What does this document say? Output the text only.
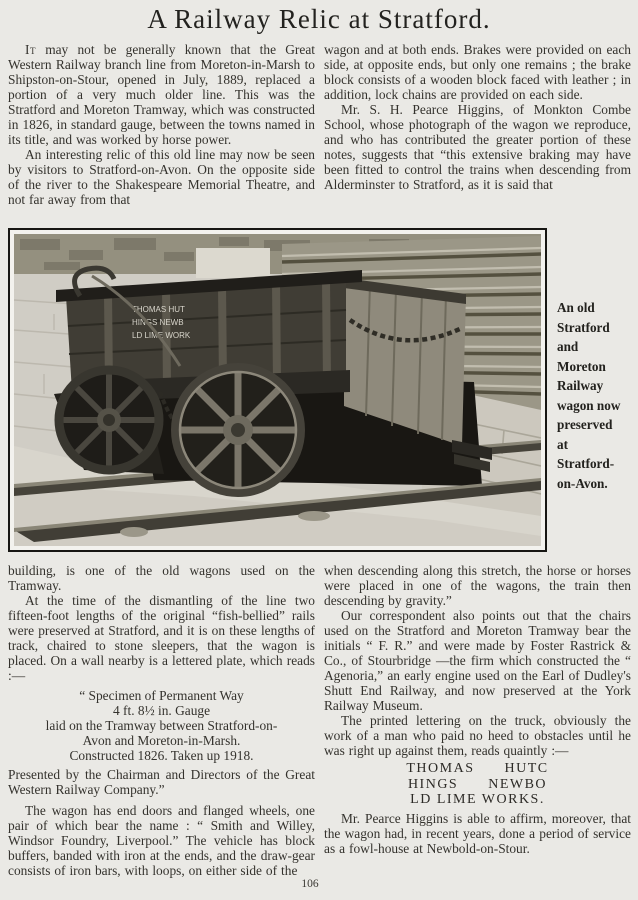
A Railway Relic at Stratford.

It may not be generally known that the Great Western Railway branch line from Moreton-in-Marsh to Shipston-on-Stour, opened in July, 1889, replaced a portion of a very much older line. This was the Stratford and Moreton Tramway, which was constructed in 1826, in standard gauge, between the towns named in its title, and was worked by horse power.

An interesting relic of this old line may now be seen by visitors to Stratford-on-Avon. On the opposite side of the river to the Shakespeare Memorial Theatre, and not far away from that

wagon and at both ends. Brakes were provided on each side, at opposite ends, but only one remains ; the brake block consists of a wooden block faced with leather ; in addition, lock chains are provided on each side.

Mr. S. H. Pearce Higgins, of Monkton Combe School, whose photograph of the wagon we reproduce, and who has contributed the greater portion of these notes, suggests that “this extensive braking may have been fitted to control the trains when descending from Alderminster to Stratford, as it is said that

THOMAS HUT
HINGS NEWB
LD LIME WORK
An old
Stratford
and
Moreton
Railway
wagon now
preserved
at
Stratford-
on-Avon.

building, is one of the old wagons used on the Tramway.

At the time of the dismantling of the line two fifteen-foot lengths of the original “fish-bellied” rails were preserved at Stratford, and it is on these lengths of track, chaired to stone sleepers, that the wagon is placed. On a wall nearby is a lettered plate, which reads :—

“ Specimen of Permanent Way
4 ft. 8½ in. Gauge
laid on the Tramway between Stratford-on-
Avon and Moreton-in-Marsh.
Constructed 1826. Taken up 1918.

Presented by the Chairman and Directors of the Great Western Railway Company.”

The wagon has end doors and flanged wheels, one pair of which bear the name : “ Smith and Willey, Windsor Foundry, Liverpool.” The vehicle has block buffers, banded with iron at the ends, and the draw-gear consists of iron bars, with loops, on either side of the

when descending along this stretch, the horse or horses were placed in one of the wagons, the train then descending by gravity.”

Our correspondent also points out that the chairs used on the Stratford and Moreton Tramway bear the initials “ F. R.” and were made by Foster Rastrick & Co., of Stourbridge —the firm which constructed the “ Agenoria,” an early engine used on the Earl of Dudley's Shutt End Railway, and now preserved at the York Railway Museum.

The printed lettering on the truck, obviously the work of a man who paid no heed to obstacles until he was right up against them, reads quaintly :—

THOMAS      HUTC
HINGS      NEWBO
LD LIME WORKS.

Mr. Pearce Higgins is able to affirm, moreover, that the wagon had, in recent years, done a period of service as a fowl-house at Newbold-on-Stour.

106
